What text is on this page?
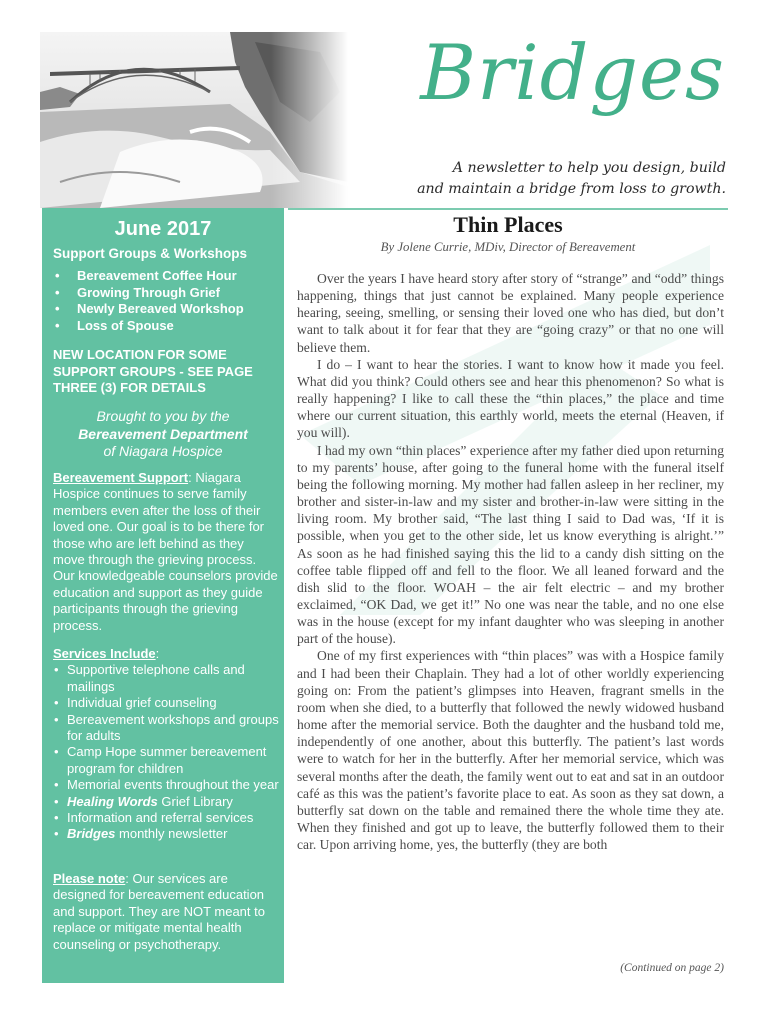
Bridges
A newsletter to help you design, build
and maintain a bridge from loss to growth.
June 2017
Support Groups & Workshops
• Bereavement Coffee Hour
• Growing Through Grief
• Newly Bereaved Workshop
• Loss of Spouse
NEW LOCATION FOR SOME SUPPORT GROUPS - SEE PAGE THREE (3) FOR DETAILS
Brought to you by the
Bereavement Department
of Niagara Hospice
Bereavement Support: Niagara Hospice continues to serve family members even after the loss of their loved one. Our goal is to be there for those who are left behind as they move through the grieving process. Our knowledgeable counselors provide education and support as they guide participants through the grieving process.
Services Include:
• Supportive telephone calls and mailings
• Individual grief counseling
• Bereavement workshops and groups for adults
• Camp Hope summer bereavement program for children
• Memorial events throughout the year
• Healing Words Grief Library
• Information and referral services
• Bridges monthly newsletter
Please note: Our services are designed for bereavement education and support. They are NOT meant to replace or mitigate mental health counseling or psychotherapy.
Thin Places
By Jolene Currie, MDiv, Director of Bereavement

Over the years I have heard story after story of “strange” and “odd” things happening, things that just cannot be explained. Many people experience hearing, seeing, smelling, or sensing their loved one who has died, but don’t want to talk about it for fear that they are “going crazy” or that no one will believe them.

I do – I want to hear the stories. I want to know how it made you feel. What did you think? Could others see and hear this phenomenon? So what is really happening? I like to call these the “thin places,” the place and time where our current situation, this earthly world, meets the eternal (Heaven, if you will).

I had my own “thin places” experience after my father died upon returning to my parents’ house, after going to the funeral home with the funeral itself being the following morning. My mother had fallen asleep in her recliner, my brother and sister-in-law and my sister and brother-in-law were sitting in the living room. My brother said, “The last thing I said to Dad was, ‘If it is possible, when you get to the other side, let us know everything is alright.’” As soon as he had finished saying this the lid to a candy dish sitting on the coffee table flipped off and fell to the floor. We all leaned forward and the dish slid to the floor. WOAH – the air felt electric – and my brother exclaimed, “OK Dad, we get it!” No one was near the table, and no one else was in the house (except for my infant daughter who was sleeping in another part of the house).

One of my first experiences with “thin places” was with a Hospice family and I had been their Chaplain. They had a lot of other worldly experiencing going on: From the patient’s glimpses into Heaven, fragrant smells in the room when she died, to a butterfly that followed the newly widowed husband home after the memorial service. Both the daughter and the husband told me, independently of one another, about this butterfly. The patient’s last words were to watch for her in the butterfly. After her memorial service, which was several months after the death, the family went out to eat and sat in an outdoor café as this was the patient’s favorite place to eat. As soon as they sat down, a butterfly sat down on the table and remained there the whole time they ate. When they finished and got up to leave, the butterfly followed them to their car. Upon arriving home, yes, the butterfly (they are both

(Continued on page 2)
